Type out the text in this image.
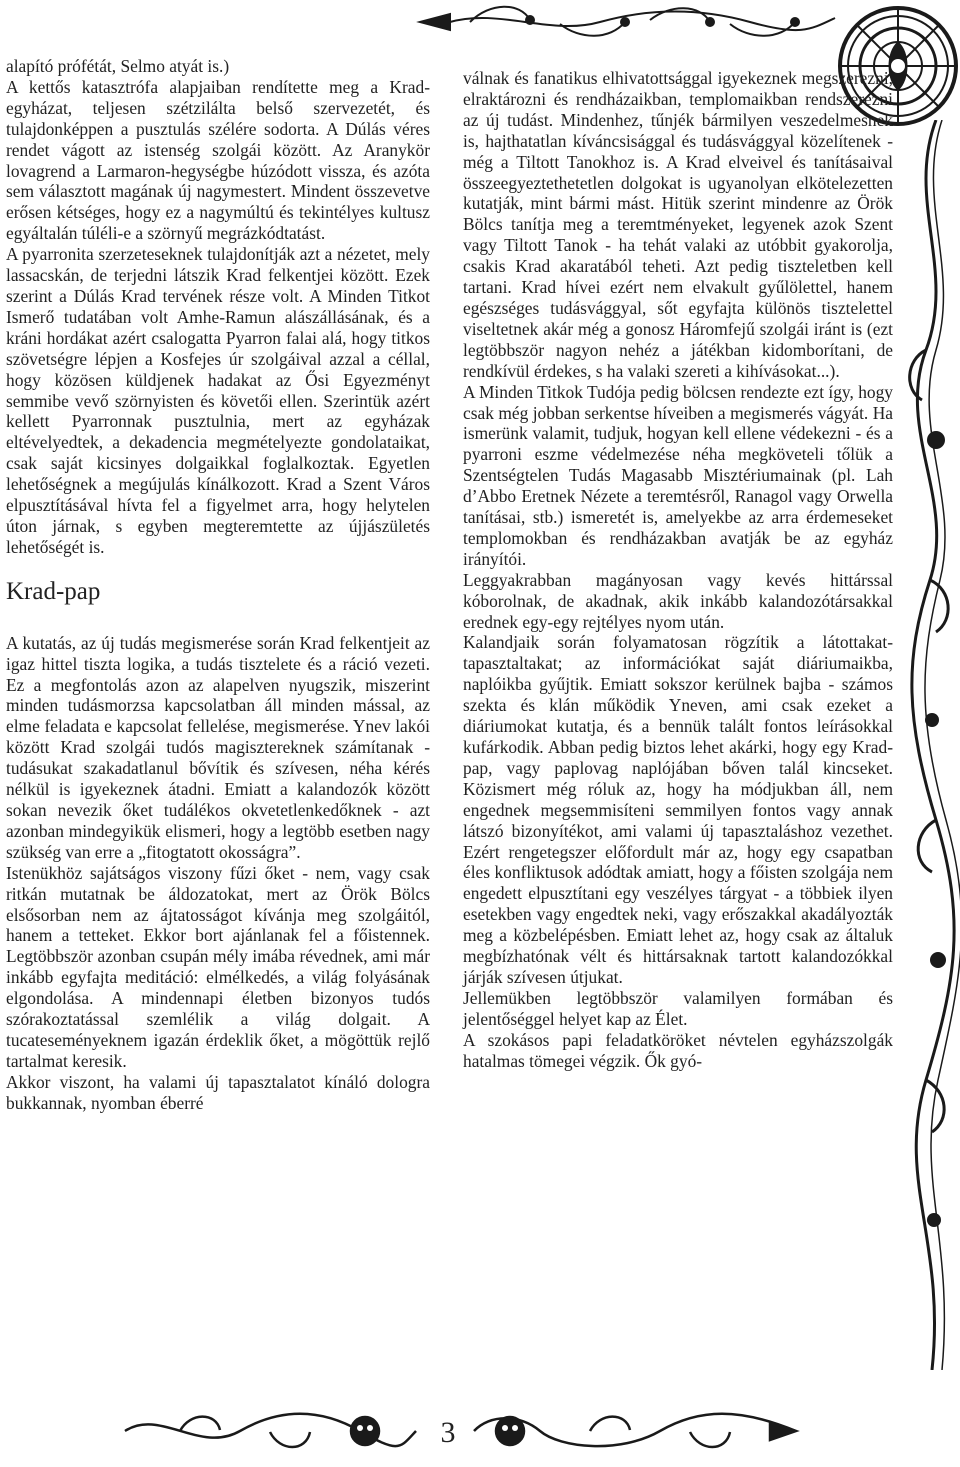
3

alapító prófétát, Selmo atyát is.)

A kettős katasztrófa alapjaiban rendítette meg a Krad-egyházat, teljesen szétzilálta belső szervezetét, és tulajdonképpen a pusztulás szélére sodorta. A Dúlás véres rendet vágott az istenség szolgái között. Az Aranykör lovagrend a Larmaron-hegységbe húzódott vissza, és azóta sem választott magának új nagymestert. Mindent összevetve erősen kétséges, hogy ez a nagymúltú és tekintélyes kultusz egyáltalán túléli-e a szörnyű megrázkódtatást.

A pyarronita szerzeteseknek tulajdonítják azt a nézetet, mely lassacskán, de terjedni látszik Krad felkentjei között. Ezek szerint a Dúlás Krad tervének része volt. A Minden Titkot Ismerő tudatában volt Amhe-Ramun alászállásának, és a kráni hordákat azért csalogatta Pyarron falai alá, hogy titkos szövetségre lépjen a Kosfejes úr szolgáival azzal a céllal, hogy közösen küldjenek hadakat az Ősi Egyezményt semmibe vevő szörnyisten és követői ellen. Szerintük azért kellett Pyarronnak pusztulnia, mert az egyházak eltévelyedtek, a dekadencia megmételyezte gondolataikat, csak saját kicsinyes dolgaikkal foglalkoztak. Egyetlen lehetőségnek a megújulás kínálkozott. Krad a Szent Város elpusztításával hívta fel a figyelmet arra, hogy helytelen úton járnak, s egyben megteremtette az újjászületés lehetőségét is.

Krad-pap

A kutatás, az új tudás megismerése során Krad felkentjeit az igaz hittel tiszta logika, a tudás tisztelete és a ráció vezeti. Ez a megfontolás azon az alapelven nyugszik, miszerint minden tudásmorzsa kapcsolatban áll minden mással, az elme feladata e kapcsolat fellelése, megismerése. Ynev lakói között Krad szolgái tudós magisztereknek számítanak - tudásukat szakadatlanul bővítik és szívesen, néha kérés nélkül is igyekeznek átadni. Emiatt a kalandozók között sokan nevezik őket tudálékos okvetetlenkedőknek - azt azonban mindegyikük elismeri, hogy a legtöbb esetben nagy szükség van erre a „fitogtatott okosságra”.

Istenükhöz sajátságos viszony fűzi őket - nem, vagy csak ritkán mutatnak be áldozatokat, mert az Örök Bölcs elsősorban nem az ájtatosságot kívánja meg szolgáitól, hanem a tetteket. Ekkor bort ajánlanak fel a főistennek. Legtöbbször azonban csupán mély imába révednek, ami már inkább egyfajta meditáció: elmélkedés, a világ folyásának elgondolása. A mindennapi életben bizonyos tudós szórakoztatással szemlélik a világ dolgait. A tucateseményeknem igazán érdeklik őket, a mögöttük rejlő tartalmat keresik.

Akkor viszont, ha valami új tapasztalatot kínáló dologra bukkannak, nyomban éberré

válnak és fanatikus elhivatottsággal igyekeznek megszerezni, elraktározni és rendházaikban, templomaikban rendszerezni az új tudást. Mindenhez, tűnjék bármilyen veszedelmesnek is, hajthatatlan kíváncsisággal és tudásvággyal közelítenek - még a Tiltott Tanokhoz is. A Krad elveivel és tanításaival összeegyeztethetetlen dolgokat is ugyanolyan elkötelezetten kutatják, mint bármi mást. Hitük szerint mindenre az Örök Bölcs tanítja meg a teremtményeket, legyenek azok Szent vagy Tiltott Tanok - ha tehát valaki az utóbbit gyakorolja, csakis Krad akaratából teheti. Azt pedig tiszteletben kell tartani. Krad hívei ezért nem elvakult gyűlölettel, hanem egészséges tudásvággyal, sőt egyfajta különös tisztelettel viseltetnek akár még a gonosz Háromfejű szolgái iránt is (ezt legtöbbször nagyon nehéz a játékban kidomborítani, de rendkívül érdekes, s ha valaki szereti a kihívásokat...).

A Minden Titkok Tudója pedig bölcsen rendezte ezt így, hogy csak még jobban serkentse híveiben a megismerés vágyát. Ha ismerünk valamit, tudjuk, hogyan kell ellene védekezni - és a pyarroni eszme védelmezése néha megköveteli tőlük a Szentségtelen Tudás Magasabb Misztériumainak (pl. Lah d’Abbo Eretnek Nézete a teremtésről, Ranagol vagy Orwella tanításai, stb.) ismeretét is, amelyekbe az arra érdemeseket templomokban és rendházakban avatják be az egyház irányítói.

Leggyakrabban magányosan vagy kevés hittárssal kóborolnak, de akadnak, akik inkább kalandozótársakkal erednek egy-egy rejtélyes nyom után.

Kalandjaik során folyamatosan rögzítik a látottakat-tapasztaltakat; az információkat saját diáriumaikba, naplóikba gyűjtik. Emiatt sokszor kerülnek bajba - számos szekta és klán működik Yneven, ami csak ezeket a diáriumokat kutatja, és a bennük talált fontos leírásokkal kufárkodik. Abban pedig biztos lehet akárki, hogy egy Krad-pap, vagy paplovag naplójában bőven talál kincseket. Közismert még róluk az, hogy ha módjukban áll, nem engednek megsemmisíteni semmilyen fontos vagy annak látszó bizonyítékot, ami valami új tapasztaláshoz vezethet. Ezért rengetegszer előfordult már az, hogy egy csapatban éles konfliktusok adódtak amiatt, hogy a főisten szolgája nem engedett elpusztítani egy veszélyes tárgyat - a többiek ilyen esetekben vagy engedtek neki, vagy erőszakkal akadályozták meg a közbelépésben. Emiatt lehet az, hogy csak az általuk megbízhatónak vélt és hittársaknak tartott kalandozókkal járják szívesen útjukat.

Jellemükben legtöbbször valamilyen formában és jelentőséggel helyet kap az Élet.

A szokásos papi feladatköröket névtelen egyházszolgák hatalmas tömegei végzik. Ők gyó-
